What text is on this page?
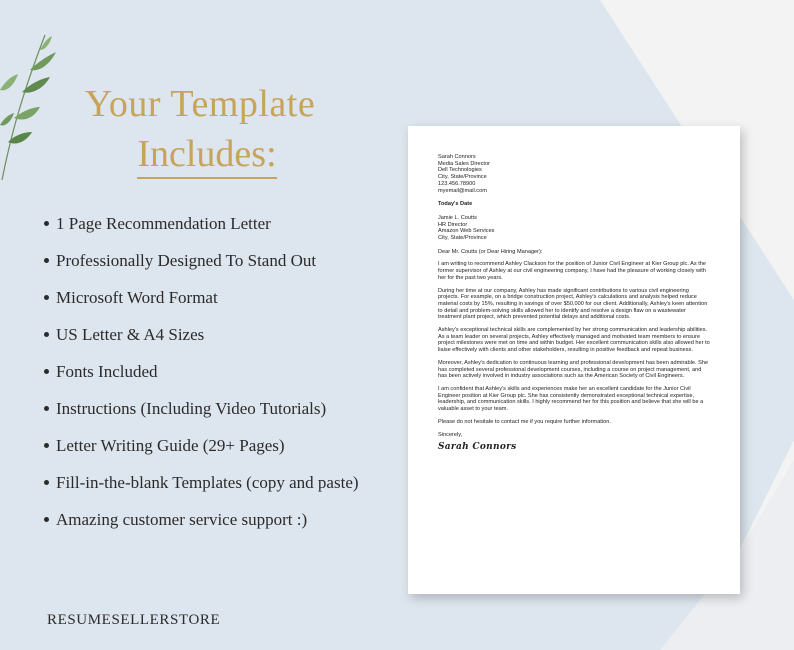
Your Template
Includes:
1 Page Recommendation Letter
Professionally Designed To Stand Out
Microsoft Word Format
US Letter & A4 Sizes
Fonts Included
Instructions (Including Video Tutorials)
Letter Writing Guide (29+ Pages)
Fill-in-the-blank Templates (copy and paste)
Amazing customer service support :)
RESUMESELLERSTORE
Sarah Connors
Media Sales Director
Dell Technologies
City, State/Province
123.456.78900
myemail@mail.com
Today's Date
Jamie L. Coutts
HR Director
Amazon Web Services
City, State/Province

Dear Mr. Coutts (or Dear Hiring Manager):

I am writing to recommend Ashley Clackson for the position of Junior Civil Engineer at Kier Group plc. As the former supervisor of Ashley at our civil engineering company, I have had the pleasure of working closely with her for the past two years.

During her time at our company, Ashley has made significant contributions to various civil engineering projects. For example, on a bridge construction project, Ashley's calculations and analysis helped reduce material costs by 15%, resulting in savings of over $50,000 for our client. Additionally, Ashley's keen attention to detail and problem-solving skills allowed her to identify and resolve a design flaw on a wastewater treatment plant project, which prevented potential delays and additional costs.

Ashley's exceptional technical skills are complemented by her strong communication and leadership abilities. As a team leader on several projects, Ashley effectively managed and motivated team members to ensure project milestones were met on time and within budget. Her excellent communication skills also allowed her to liaise effectively with clients and other stakeholders, resulting in positive feedback and repeat business.

Moreover, Ashley's dedication to continuous learning and professional development has been admirable. She has completed several professional development courses, including a course on project management, and has been actively involved in industry associations such as the American Society of Civil Engineers.

I am confident that Ashley's skills and experiences make her an excellent candidate for the Junior Civil Engineer position at Kier Group plc. She has consistently demonstrated exceptional technical expertise, leadership, and communication skills. I highly recommend her for this position and believe that she will be a valuable asset to your team.

Please do not hesitate to contact me if you require further information.

Sincerely,

Sarah Connors
